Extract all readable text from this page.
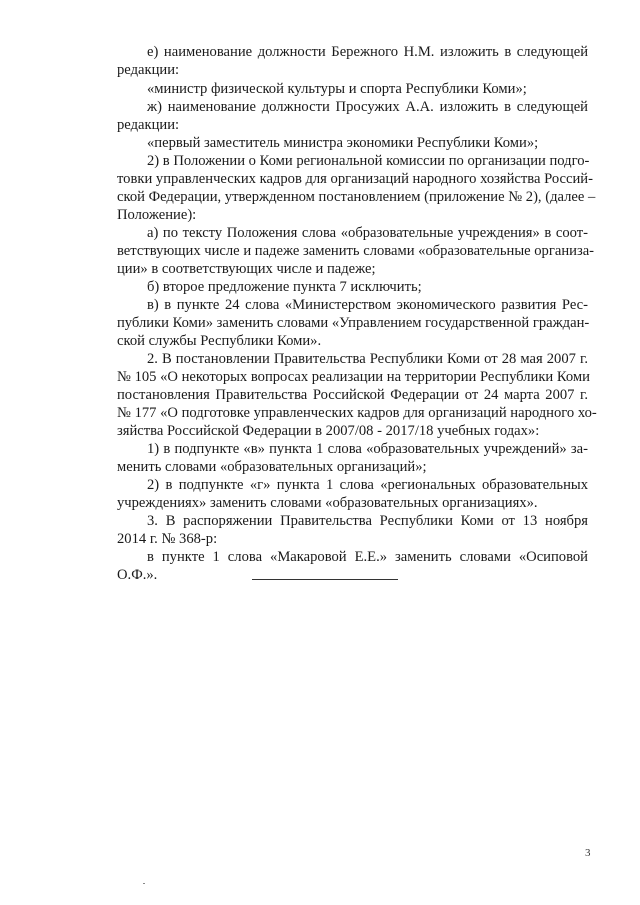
е) наименование должности Бережного Н.М. изложить в следующей
редакции:
«министр физической культуры и спорта Республики Коми»;
ж) наименование должности Просужих А.А. изложить в следующей
редакции:
«первый заместитель министра экономики Республики Коми»;
2) в Положении о Коми региональной комиссии по организации подго-
товки управленческих кадров для организаций народного хозяйства Россий-
ской Федерации, утвержденном постановлением (приложение № 2), (далее –
Положение):
а) по тексту Положения слова «образовательные учреждения» в соот-
ветствующих числе и падеже заменить словами «образовательные организа-
ции» в соответствующих числе и падеже;
б) второе предложение пункта 7 исключить;
в) в пункте 24 слова «Министерством экономического развития Рес-
публики Коми» заменить словами «Управлением государственной граждан-
ской службы Республики Коми».
2. В постановлении Правительства Республики Коми от 28 мая 2007 г.
№ 105 «О некоторых вопросах реализации на территории Республики Коми
постановления Правительства Российской Федерации от 24 марта 2007 г.
№ 177 «О подготовке управленческих кадров для организаций народного хо-
зяйства Российской Федерации в 2007/08 - 2017/18 учебных годах»:
1) в подпункте «в» пункта 1 слова «образовательных учреждений» за-
менить словами «образовательных организаций»;
2) в подпункте «г» пункта 1 слова «региональных образовательных
учреждениях» заменить словами «образовательных организациях».
3. В распоряжении Правительства Республики Коми от 13 ноября
2014 г. № 368-р:
в пункте 1 слова «Макаровой Е.Е.» заменить словами «Осиповой
О.Ф.».
3
